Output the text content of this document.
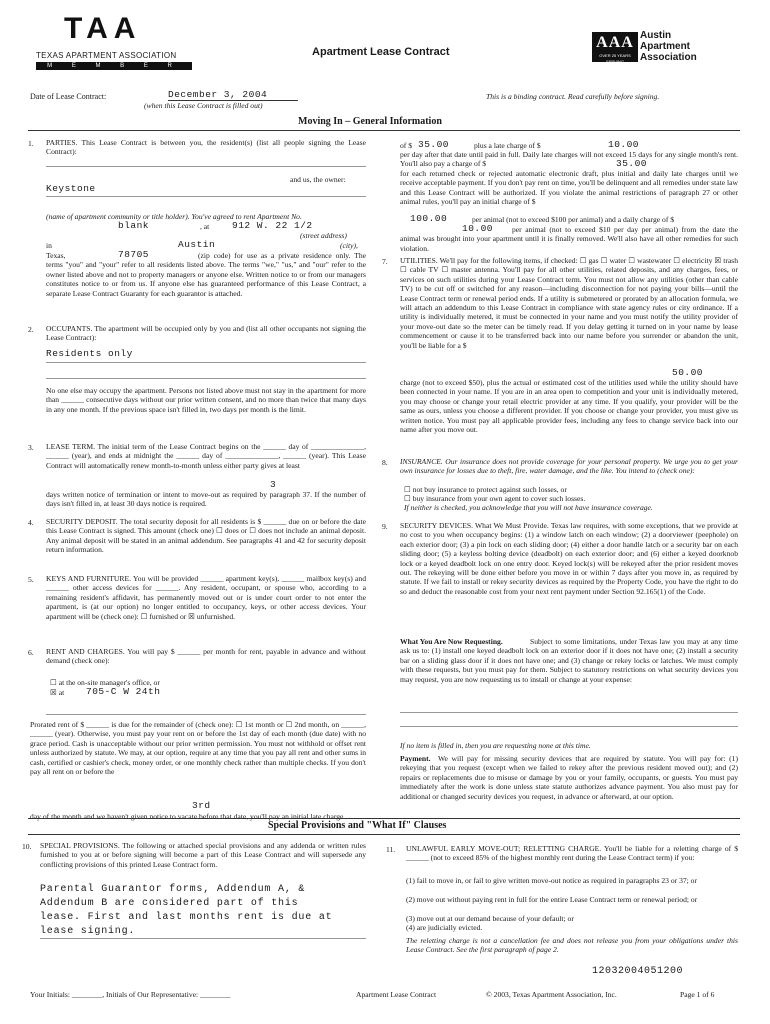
TAA
TEXAS APARTMENT ASSOCIATION
M E M B E R
Apartment Lease Contract
AAA
OVER 25 YEARS SERVING
Austin
Apartment
Association
Date of Lease Contract:	December 3, 2004
(when this Lease Contract is filled out)
This is a binding contract. Read carefully before signing.
Moving In – General Information
1. PARTIES. This Lease Contract is between you, the resident(s) (list all people signing the Lease Contract):
and us, the owner:
Keystone
(name of apartment community or title holder). You've agreed to rent Apartment No.
blank	, at 912 W. 22 1/2
(street address)
in	Austin	(city),
Texas,	78705	(zip code) for use as a private residence only. The terms "you" and "your" refer to all residents listed above. The terms "we," "us," and "our" refer to the owner listed above and not to property managers or anyone else. Written notice to or from our managers constitutes notice to or from us. If anyone else has guaranteed performance of this Lease Contract, a separate Lease Contract Guaranty for each guarantor is attached.
2. OCCUPANTS. The apartment will be occupied only by you and (list all other occupants not signing the Lease Contract):
Residents only
No one else may occupy the apartment. Persons not listed above must not stay in the apartment for more than ______ consecutive days without our prior written consent, and no more than twice that many days in any one month. If the previous space isn't filled in, two days per month is the limit.
3. LEASE TERM. The initial term of the Lease Contract begins on the ______ day of ______________, ______ (year), and ends at midnight the ______ day of ______________, ______ (year). This Lease Contract will automatically renew month-to-month unless either party gives at least
3
days written notice of termination or intent to move-out as required by paragraph 37. If the number of days isn't filled in, at least 30 days notice is required.
4. SECURITY DEPOSIT. The total security deposit for all residents is $ ______ due on or before the date this Lease Contract is signed. This amount (check one) ☐ does or ☐ does not include an animal deposit. Any animal deposit will be stated in an animal addendum. See paragraphs 41 and 42 for security deposit return information.
5. KEYS AND FURNITURE. You will be provided ______ apartment key(s), ______ mailbox key(s) and ______ other access devices for ______. Any resident, occupant, or spouse who, according to a remaining resident's affidavit, has permanently moved out or is under court order to not enter the apartment, is (at our option) no longer entitled to occupancy, keys, or other access devices. Your apartment will be (check one): ☐ furnished or ☒ unfurnished.
6. RENT AND CHARGES. You will pay $ ______ per month for rent, payable in advance and without demand (check one):
☐ at the on-site manager's office, or
☒ at 705-C W 24th
Prorated rent of $ ______ is due for the remainder of (check one): ☐ 1st month or ☐ 2nd month, on ______, ______ (year). Otherwise, you must pay your rent on or before the 1st day of each month (due date) with no grace period. Cash is unacceptable without our prior written permission. You must not withhold or offset rent unless authorized by statute. We may, at our option, require at any time that you pay all rent and other sums in cash, certified or cashier's check, money order, or one monthly check rather than multiple checks. If you don't pay all rent on or before the
3rd
day of the month and we haven't given notice to vacate before that date, you'll pay an initial late charge
of $ 35.00	plus a late charge of $	10.00
per day after that date until paid in full. Daily late charges will not exceed 15 days for any single month's rent. You'll also pay a charge of $	35.00
for each returned check or rejected automatic electronic draft, plus initial and daily late charges until we receive acceptable payment. If you don't pay rent on time, you'll be delinquent and all remedies under state law and this Lease Contract will be authorized. If you violate the animal restrictions of paragraph 27 or other animal rules, you'll pay an initial charge of $
100.00	per animal (not to exceed $100 per animal) and a daily charge of $
10.00	per animal (not to exceed $10 per day per animal) from the date the animal was brought into your apartment until it is finally removed. We'll also have all other remedies for such violation.
7. UTILITIES. We'll pay for the following items, if checked: ☐ gas ☐ water ☐ wastewater ☐ electricity ☒ trash ☐ cable TV ☐ master antenna. You'll pay for all other utilities, related deposits, and any charges, fees, or services on such utilities during your Lease Contract term. You must not allow any utilities (other than cable TV) to be cut off or switched for any reason—including disconnection for not paying your bills—until the Lease Contract term or renewal period ends. If a utility is submetered or prorated by an allocation formula, we will attach an addendum to this Lease Contract in compliance with state agency rules or city ordinance. If a utility is individually metered, it must be connected in your name and you must notify the utility provider of your move-out date so the meter can be timely read. If you delay getting it turned on in your name by lease commencement or cause it to be transferred back into our name before you surrender or abandon the unit, you'll be liable for a $
50.00
charge (not to exceed $50), plus the actual or estimated cost of the utilities used while the utility should have been connected in your name. If you are in an area open to competition and your unit is individually metered, you may choose or change your retail electric provider at any time. If you qualify, your provider will be the same as ours, unless you choose a different provider. If you choose or change your provider, you must give us written notice. You must pay all applicable provider fees, including any fees to change service back into our name after you move out.
8. INSURANCE. Our insurance does not provide coverage for your personal property. We urge you to get your own insurance for losses due to theft, fire, water damage, and the like. You intend to (check one):
☐ not buy insurance to protect against such losses, or
☐ buy insurance from your own agent to cover such losses.
If neither is checked, you acknowledge that you will not have insurance coverage.
9. SECURITY DEVICES. What We Must Provide. Texas law requires, with some exceptions, that we provide at no cost to you when occupancy begins: (1) a window latch on each window; (2) a doorviewer (peephole) on each exterior door; (3) a pin lock on each sliding door; (4) either a door handle latch or a security bar on each sliding door; (5) a keyless bolting device (deadbolt) on each exterior door; and (6) either a keyed doorknob lock or a keyed deadbolt lock on one entry door. Keyed lock(s) will be rekeyed after the prior resident moves out. The rekeying will be done either before you move in or within 7 days after you move in, as required by statute. If we fail to install or rekey security devices as required by the Property Code, you have the right to do so and deduct the reasonable cost from your next rent payment under Section 92.165(1) of the Code.
What You Are Now Requesting.	Subject to some limitations, under Texas law you may at any time ask us to: (1) install one keyed deadbolt lock on an exterior door if it does not have one; (2) install a security bar on a sliding glass door if it does not have one; and (3) change or rekey locks or latches. We must comply with these requests, but you must pay for them. Subject to statutory restrictions on what security devices you may request, you are now requesting us to install or change at your expense:
If no item is filled in, then you are requesting none at this time.
Payment. We will pay for missing security devices that are required by statute. You will pay for: (1) rekeying that you request (except when we failed to rekey after the previous resident moved out); and (2) repairs or replacements due to misuse or damage by you or your family, occupants, or guests. You must pay immediately after the work is done unless state statute authorizes advance payment. You also must pay for additional or changed security devices you request, in advance or afterward, at our option.
Special Provisions and "What If" Clauses
10. SPECIAL PROVISIONS. The following or attached special provisions and any addenda or written rules furnished to you at or before signing will become a part of this Lease Contract and will supersede any conflicting provisions of this printed Lease Contract form.
Parental Guarantor forms, Addendum A, & Addendum B are considered part of this lease. First and last months rent is due at lease signing.
11. UNLAWFUL EARLY MOVE-OUT; RELETTING CHARGE. You'll be liable for a reletting charge of $ ______ (not to exceed 85% of the highest monthly rent during the Lease Contract term) if you:
(1) fail to move in, or fail to give written move-out notice as required in paragraphs 23 or 37; or
(2) move out without paying rent in full for the entire Lease Contract term or renewal period; or
(3) move out at our demand because of your default; or
(4) are judicially evicted.
The reletting charge is not a cancellation fee and does not release you from your obligations under this Lease Contract. See the first paragraph of page 2.
12032004051200
Your Initials: ________, Initials of Our Representative: ________	Apartment Lease Contract	© 2003, Texas Apartment Association, Inc.	Page 1 of 6
